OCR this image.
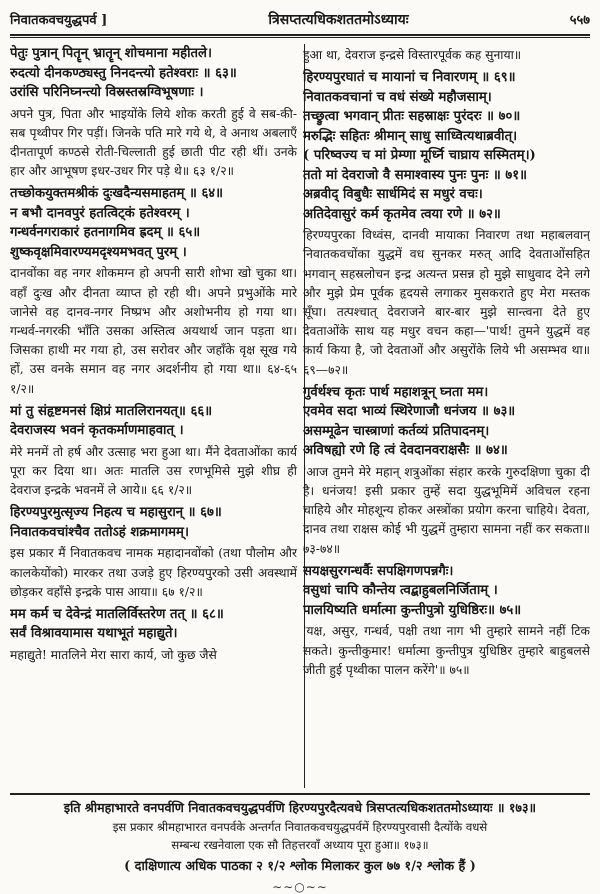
निवातकवचयुद्धपर्व ]	त्रिसप्तत्यधिकशततमोऽध्यायः	५५७
पेतुः पुत्रान् पितॄन् भ्रातॄन् शोचमाना महीतले।
रुदत्यो दीनकण्ठ्यस्तु निनदन्त्यो हतेश्वराः ॥ ६३॥
उरांसि परिनिघ्नन्त्यो विस्रस्तस्रग्विभूषणाः ।

अपने पुत्र, पिता और भाइयोंके लिये शोक करती हुई वे सब-की-सब पृथ्वीपर गिर पड़ीं। जिनके पति मारे गये थे, वे अनाथ अबलाएँ दीनतापूर्ण कण्ठसे रोती-चिल्लाती हुई छाती पीट रही थीं। उनके हार और आभूषण इधर-उधर गिर पड़े थे॥ ६३ १/२॥

तच्छोकयुक्तमश्रीकं दुःखदैन्यसमाहतम् ॥ ६४॥
न बभौ दानवपुरं हतत्विट्कं हतेश्वरम् ।
गन्धर्वनगराकारं हतनागमिव ह्रदम् ॥ ६५॥
शुष्कवृक्षमिवारण्यमदृश्यमभवत् पुरम् ।

दानवोंका वह नगर शोकमग्न हो अपनी सारी शोभा खो चुका था। वहाँ दुःख और दीनता व्याप्त हो रही थी। अपने प्रभुओंके मारे जानेसे वह दानव-नगर निष्प्रभ और अशोभनीय हो गया था। गन्धर्व-नगरकी भाँति उसका अस्तित्व अयथार्थ जान पड़ता था। जिसका हाथी मर गया हो, उस सरोवर और जहाँके वृक्ष सूख गये हों, उस वनके समान वह नगर अदर्शनीय हो गया था॥ ६४-६५ १/२॥

मां तु संहृष्टमनसं क्षिप्रं मातलिरानयत्॥ ६६॥
देवराजस्य भवनं कृतकर्माणमाहवात् ।

मेरे मनमें तो हर्ष और उत्साह भरा हुआ था। मैंने देवताओंका कार्य पूरा कर दिया था। अतः मातलि उस रणभूमिसे मुझे शीघ्र ही देवराज इन्द्रके भवनमें ले आये॥ ६६ १/२॥

हिरण्यपुरमुत्सृज्य निहत्य च महासुरान् ॥ ६७॥
निवातकवचांश्चैव ततोऽहं शक्रमागमम्।

इस प्रकार मैं निवातकवच नामक महादानवोंको (तथा पौलोम और कालकेयोंको) मारकर तथा उजड़े हुए हिरण्यपुरको उसी अवस्थामें छोड़कर वहाँसे इन्द्रके पास आया॥ ६७ १/२॥

मम कर्म च देवेन्द्रं मातलिर्विस्तरेण तत् ॥ ६८॥
सर्वं विश्रावयामास यथाभूतं महाद्युते।

महाद्युते! मातलिने मेरा सारा कार्य, जो कुछ जैसे

हुआ था, देवराज इन्द्रसे विस्तारपूर्वक कह सुनाया॥

हिरण्यपुरघातं च मायानां च निवारणम् ॥ ६९॥
निवातकवचानां च वधं संख्ये महौजसाम्।
तच्छ्रुत्वा भगवान् प्रीतः सहस्राक्षः पुरंदरः ॥ ७०॥
मरुद्भिः सहितः श्रीमान् साधु साध्वित्यथाब्रवीत्।
( परिष्वज्य च मां प्रेम्णा मूर्ध्नि चाघ्राय सस्मितम्।)
ततो मां देवराजो वै समाश्वास्य पुनः पुनः ॥ ७१॥
अब्रवीद् विबुधैः सार्धमिदं स मधुरं वचः।
अतिदेवासुरं कर्म कृतमेव त्वया रणे ॥ ७२॥

हिरण्यपुरका विध्वंस, दानवी मायाका निवारण तथा महाबलवान् निवातकवचोंका युद्धमें वध सुनकर मरुत् आदि देवताओंसहित भगवान् सहस्रलोचन इन्द्र अत्यन्त प्रसन्न हो मुझे साधुवाद देने लगे और मुझे प्रेम पूर्वक हृदयसे लगाकर मुसकराते हुए मेरा मस्तक सूँघा। तत्पश्चात् देवराजने बार-बार मुझे सान्त्वना देते हुए देवताओंके साथ यह मधुर वचन कहा—'पार्थ! तुमने युद्धमें वह कार्य किया है, जो देवताओं और असुरोंके लिये भी असम्भव था॥ ६९—७२॥

गुर्वर्थश्च कृतः पार्थ महाशत्रून् घ्नता मम।
एवमेव सदा भाव्यं स्थिरेणाजौ धनंजय ॥ ७३॥
असम्मूढेन चास्त्राणां कर्तव्यं प्रतिपादनम्।
अविषह्यो रणे हि त्वं देवदानवराक्षसैः ॥ ७४॥

'आज तुमने मेरे महान् शत्रुओंका संहार करके गुरुदक्षिणा चुका दी है। धनंजय! इसी प्रकार तुम्हें सदा युद्धभूमिमें अविचल रहना चाहिये और मोहशून्य होकर अस्त्रोंका प्रयोग करना चाहिये। देवता, दानव तथा राक्षस कोई भी युद्धमें तुम्हारा सामना नहीं कर सकता॥ ७३-७४॥

सयक्षसुरगन्धर्वैः सपक्षिगणपन्नगैः।
वसुधां चापि कौन्तेय त्वद्बाहुबलनिर्जिताम् ।
पालयिष्यति धर्मात्मा कुन्तीपुत्रो युधिष्ठिरः॥ ७५॥

'यक्ष, असुर, गन्धर्व, पक्षी तथा नाग भी तुम्हारे सामने नहीं टिक सकते। कुन्तीकुमार! धर्मात्मा कुन्तीपुत्र युधिष्ठिर तुम्हारे बाहुबलसे जीती हुई पृथ्वीका पालन करेंगे'॥ ७५॥

इति श्रीमहाभारते वनपर्वणि निवातकवचयुद्धपर्वणि हिरण्यपुरदैत्यवधे त्रिसप्तत्यधिकशततमोऽध्यायः ॥ १७३॥
इस प्रकार श्रीमहाभारत वनपर्वके अन्तर्गत निवातकवचयुद्धपर्वमें हिरण्यपुरवासी दैत्योंके वधसे
सम्बन्ध रखनेवाला एक सौ तिहत्तरवाँ अध्याय पूरा हुआ॥ १७३॥
( दाक्षिणात्य अधिक पाठका २ १/२ श्लोक मिलाकर कुल ७७ १/२ श्लोक हैं )
∼∼○∼∼
